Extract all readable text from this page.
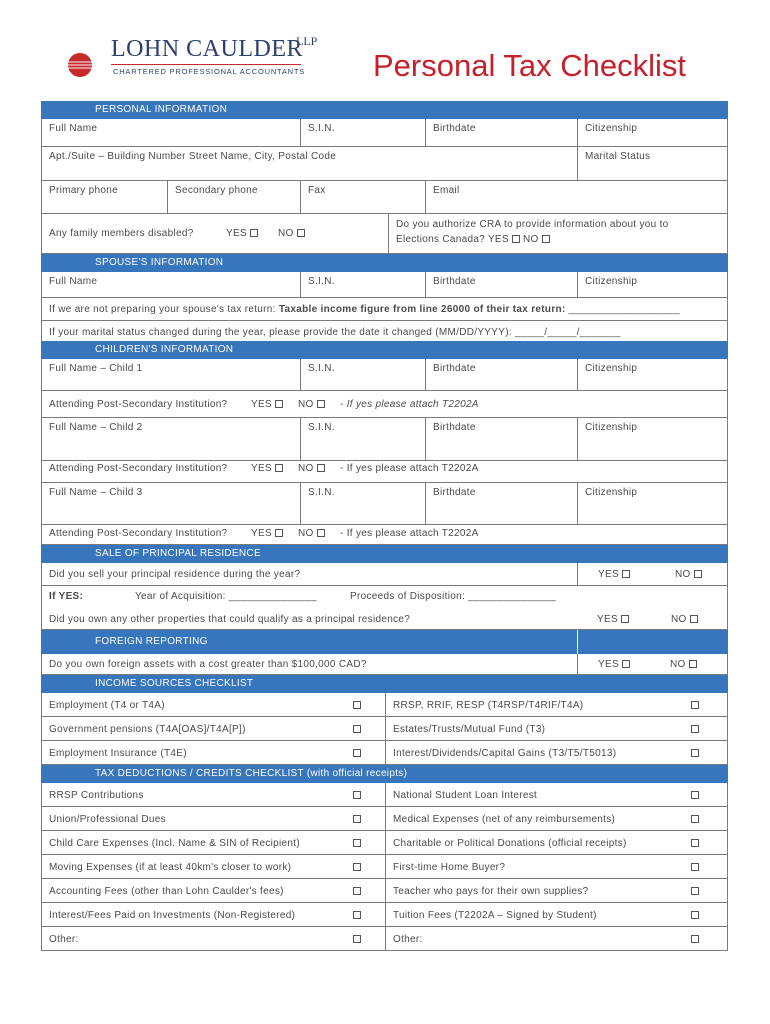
LOHN CAULDER
LLP
CHARTERED PROFESSIONAL ACCOUNTANTS Personal Tax Checklist
PERSONAL INFORMATION
Full Name	S.I.N.	Birthdate	Citizenship
Apt./Suite – Building Number Street Name, City, Postal Code	Marital Status
Primary phone	Secondary phone	Fax	Email
Any family members disabled?	YES	NO
Do you authorize CRA to provide information about you to
Elections Canada? YES NO
SPOUSE'S INFORMATION
Full Name	S.I.N.	Birthdate	Citizenship
If we are not preparing your spouse's tax return: Taxable income figure from line 26000 of their tax return: ___________________
If your marital status changed during the year, please provide the date it changed (MM/DD/YYYY): _____/_____/_______
CHILDREN'S INFORMATION
Full Name – Child 1	S.I.N.	Birthdate	Citizenship
Attending Post-Secondary Institution? YES	NO	- If yes please attach T2202A
Full Name – Child 2	S.I.N.	Birthdate	Citizenship
Attending Post-Secondary Institution? YES	NO	- If yes please attach T2202A
Full Name – Child 3	S.I.N.	Birthdate	Citizenship
Attending Post-Secondary Institution? YES	NO	- If yes please attach T2202A
SALE OF PRINCIPAL RESIDENCE
Did you sell your principal residence during the year?	YES	NO
If YES:	Year of Acquisition: _______________	Proceeds of Disposition: _______________
Did you own any other properties that could qualify as a principal residence?	YES	NO
FOREIGN REPORTING
Do you own foreign assets with a cost greater than $100,000 CAD?	YES	NO
INCOME SOURCES CHECKLIST
Employment (T4 or T4A)	RRSP, RRIF, RESP (T4RSP/T4RIF/T4A)
Government pensions (T4A[OAS]/T4A[P])	Estates/Trusts/Mutual Fund (T3)
Employment Insurance (T4E)	Interest/Dividends/Capital Gains (T3/T5/T5013)
TAX DEDUCTIONS / CREDITS CHECKLIST (with official receipts)
RRSP Contributions	National Student Loan Interest
Union/Professional Dues	Medical Expenses (net of any reimbursements)
Child Care Expenses (Incl. Name & SIN of Recipient)	Charitable or Political Donations (official receipts)
Moving Expenses (if at least 40km's closer to work)	First-time Home Buyer?
Accounting Fees (other than Lohn Caulder's fees)	Teacher who pays for their own supplies?
Interest/Fees Paid on Investments (Non-Registered)	Tuition Fees (T2202A – Signed by Student)
Other:	Other:
